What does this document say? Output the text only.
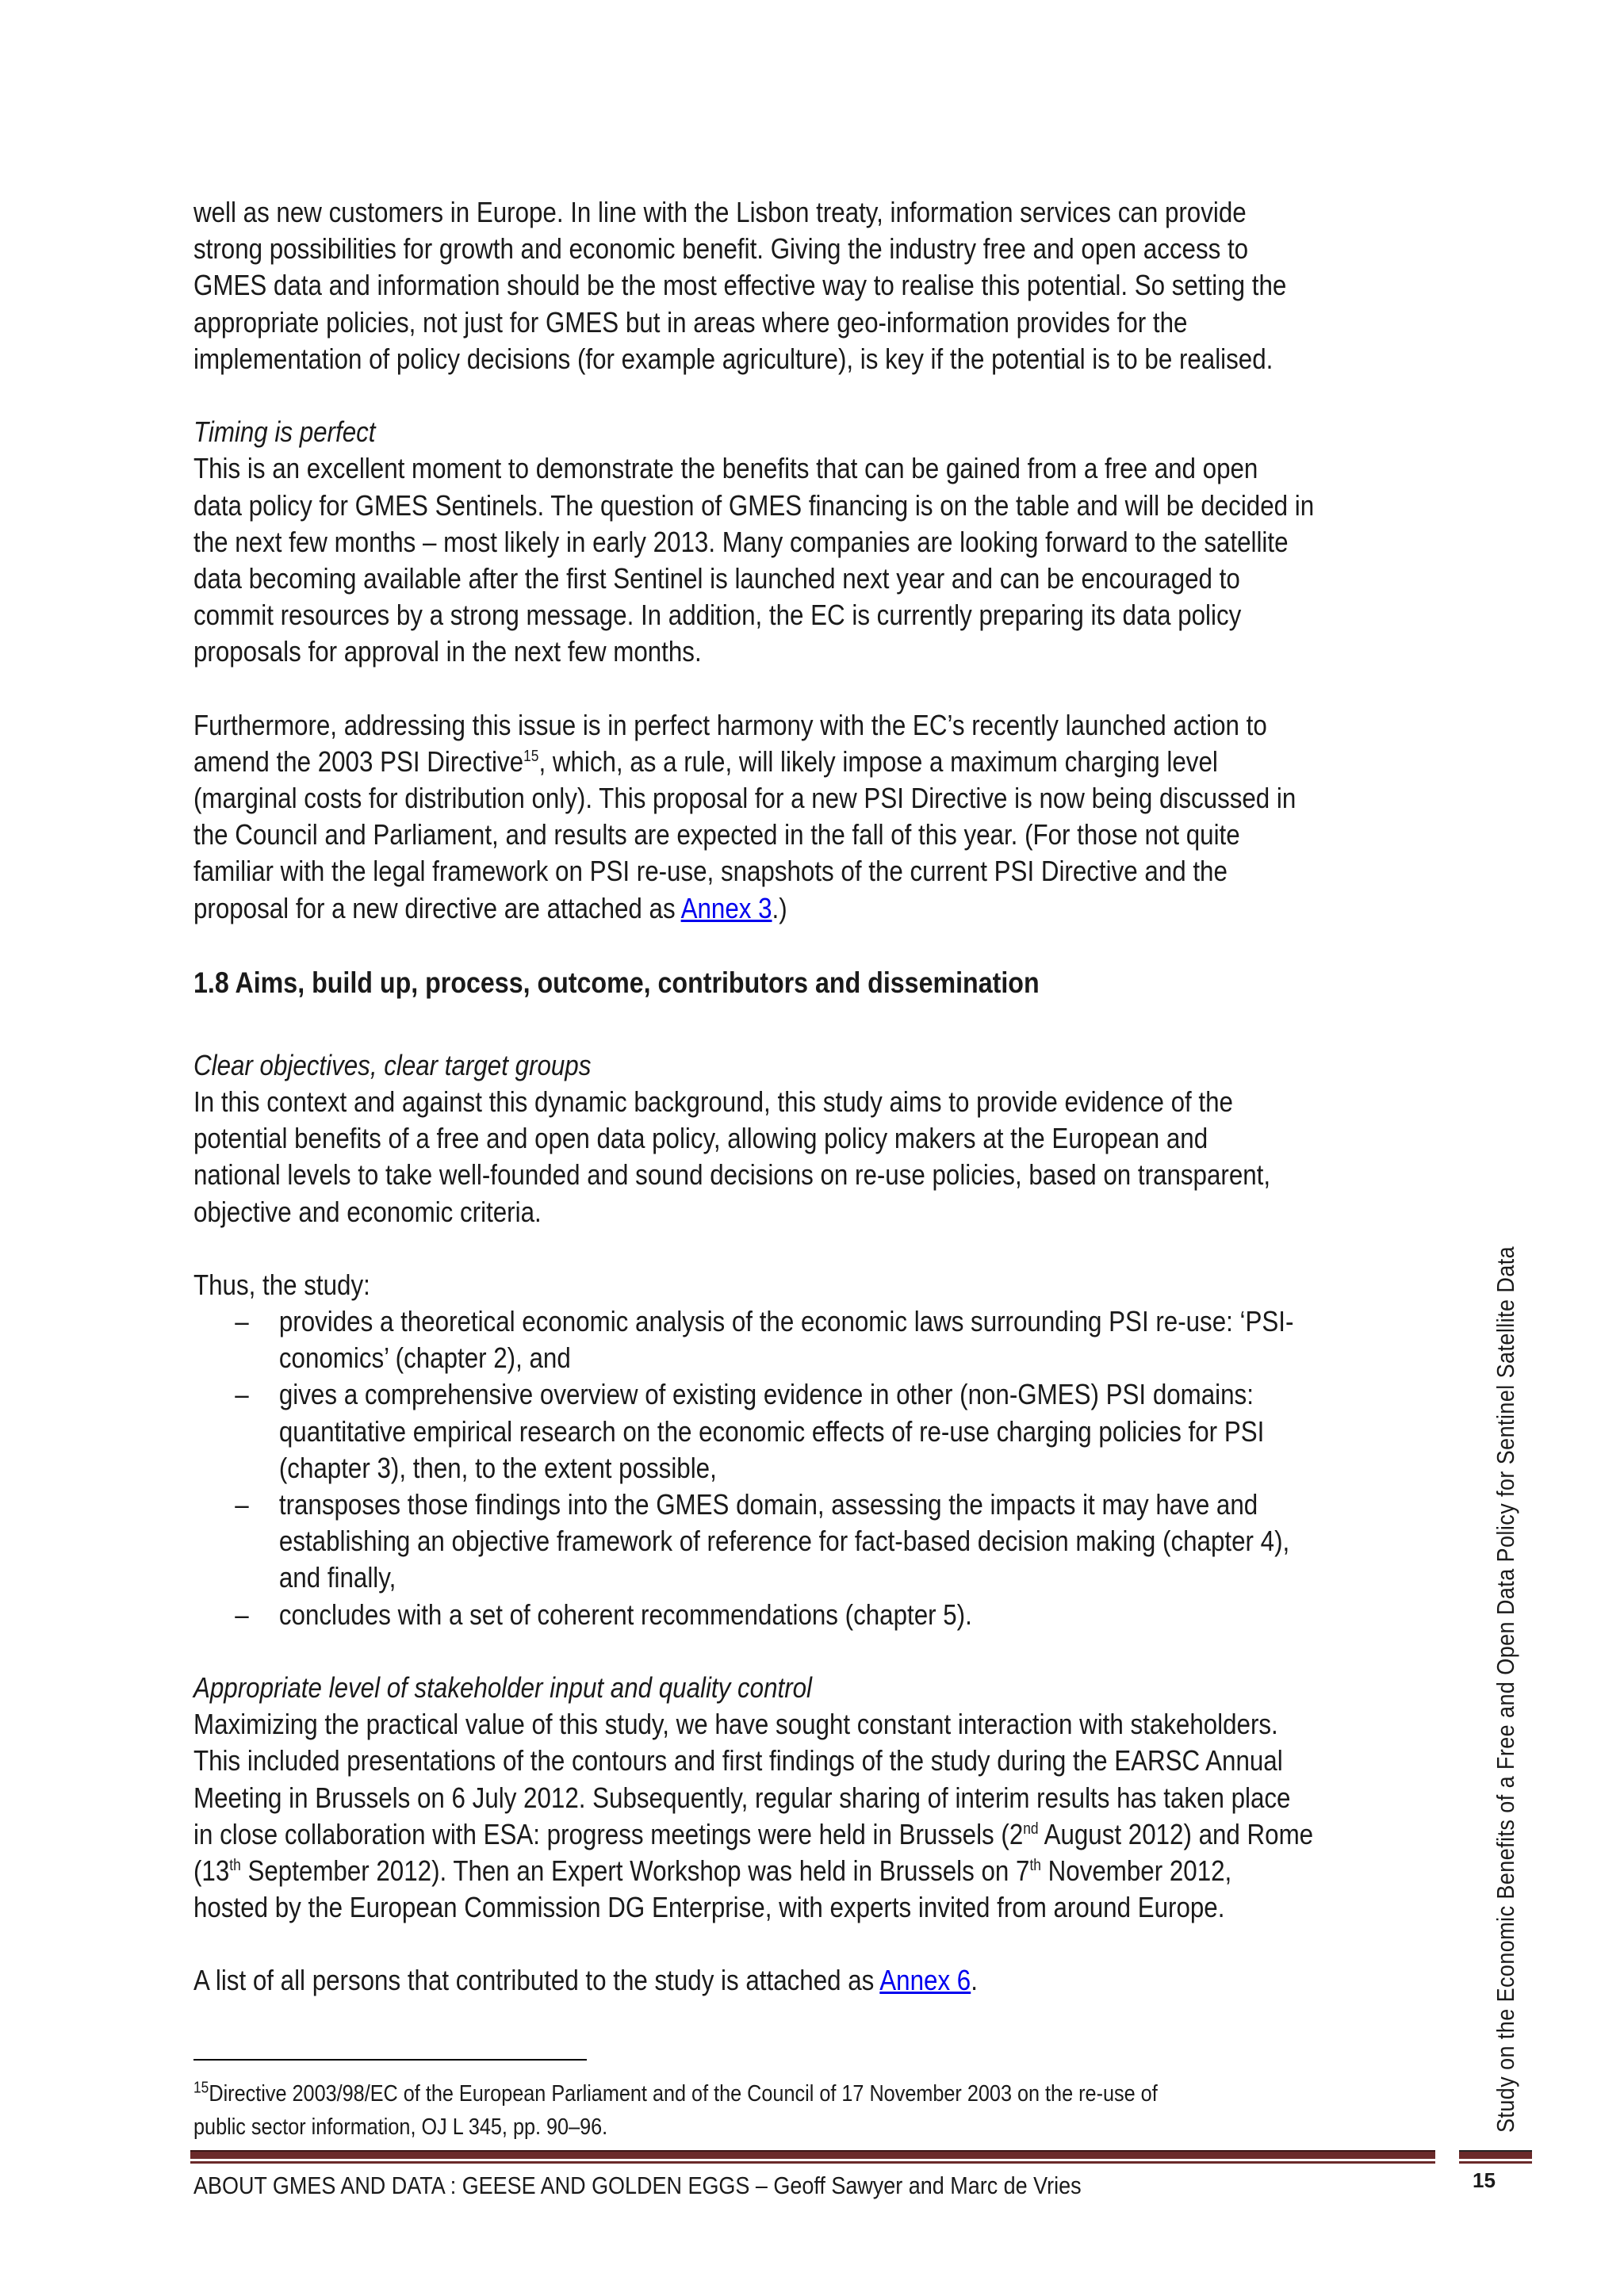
well as new customers in Europe. In line with the Lisbon treaty, information services can provide
strong possibilities for growth and economic benefit. Giving the industry free and open access to
GMES data and information should be the most effective way to realise this potential. So setting the
appropriate policies, not just for GMES but in areas where geo-information provides for the
implementation of policy decisions (for example agriculture), is key if the potential is to be realised.
Timing is perfect
This is an excellent moment to demonstrate the benefits that can be gained from a free and open
data policy for GMES Sentinels. The question of GMES financing is on the table and will be decided in
the next few months – most likely in early 2013. Many companies are looking forward to the satellite
data becoming available after the first Sentinel is launched next year and can be encouraged to
commit resources by a strong message. In addition, the EC is currently preparing its data policy
proposals for approval in the next few months.
Furthermore, addressing this issue is in perfect harmony with the EC’s recently launched action to
amend the 2003 PSI Directive$^{15}$, which, as a rule, will likely impose a maximum charging level
(marginal costs for distribution only). This proposal for a new PSI Directive is now being discussed in
the Council and Parliament, and results are expected in the fall of this year. (For those not quite
familiar with the legal framework on PSI re-use, snapshots of the current PSI Directive and the
proposal for a new directive are attached as Annex 3.)
1.8 Aims, build up, process, outcome, contributors and dissemination
Clear objectives, clear target groups
In this context and against this dynamic background, this study aims to provide evidence of the
potential benefits of a free and open data policy, allowing policy makers at the European and
national levels to take well-founded and sound decisions on re-use policies, based on transparent,
objective and economic criteria.
Thus, the study:
– provides a theoretical economic analysis of the economic laws surrounding PSI re-use: ‘PSI-
conomics’ (chapter 2), and
– gives a comprehensive overview of existing evidence in other (non-GMES) PSI domains:
quantitative empirical research on the economic effects of re-use charging policies for PSI
(chapter 3), then, to the extent possible,
– transposes those findings into the GMES domain, assessing the impacts it may have and
establishing an objective framework of reference for fact-based decision making (chapter 4),
and finally,
– concludes with a set of coherent recommendations (chapter 5).
Appropriate level of stakeholder input and quality control
Maximizing the practical value of this study, we have sought constant interaction with stakeholders.
This included presentations of the contours and first findings of the study during the EARSC Annual
Meeting in Brussels on 6 July 2012. Subsequently, regular sharing of interim results has taken place
in close collaboration with ESA: progress meetings were held in Brussels (2nd August 2012) and Rome
(13th September 2012). Then an Expert Workshop was held in Brussels on 7th November 2012,
hosted by the European Commission DG Enterprise, with experts invited from around Europe.
A list of all persons that contributed to the study is attached as Annex 6.
$^{15}$Directive 2003/98/EC of the European Parliament and of the Council of 17 November 2003 on the re-use of
public sector information, OJ L 345, pp. 90–96.
ABOUT GMES AND DATA : GEESE AND GOLDEN EGGS – Geoff Sawyer and Marc de Vries	15
Study on the Economic Benefits of a Free and Open Data Policy for Sentinel Satellite Data
